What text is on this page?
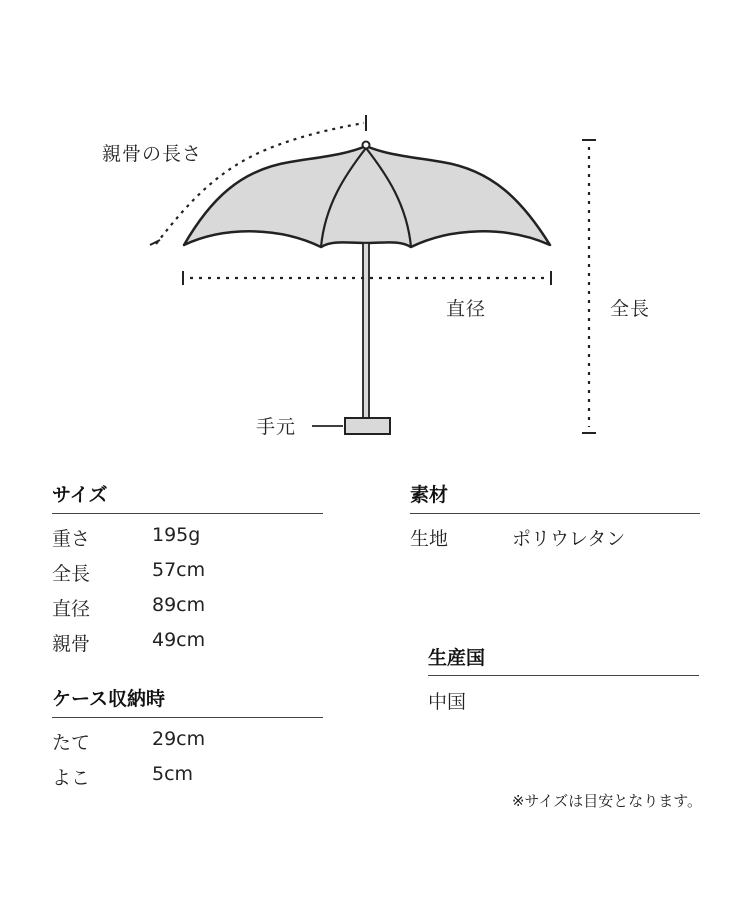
親骨の長さ
直径	全長
手元
サイズ
重さ	195g
全長	57cm
直径	89cm
親骨	49cm
ケース収納時
たて	29cm
よこ	5cm
素材
生地	ポリウレタン
生産国
中国
※サイズは目安となります。
